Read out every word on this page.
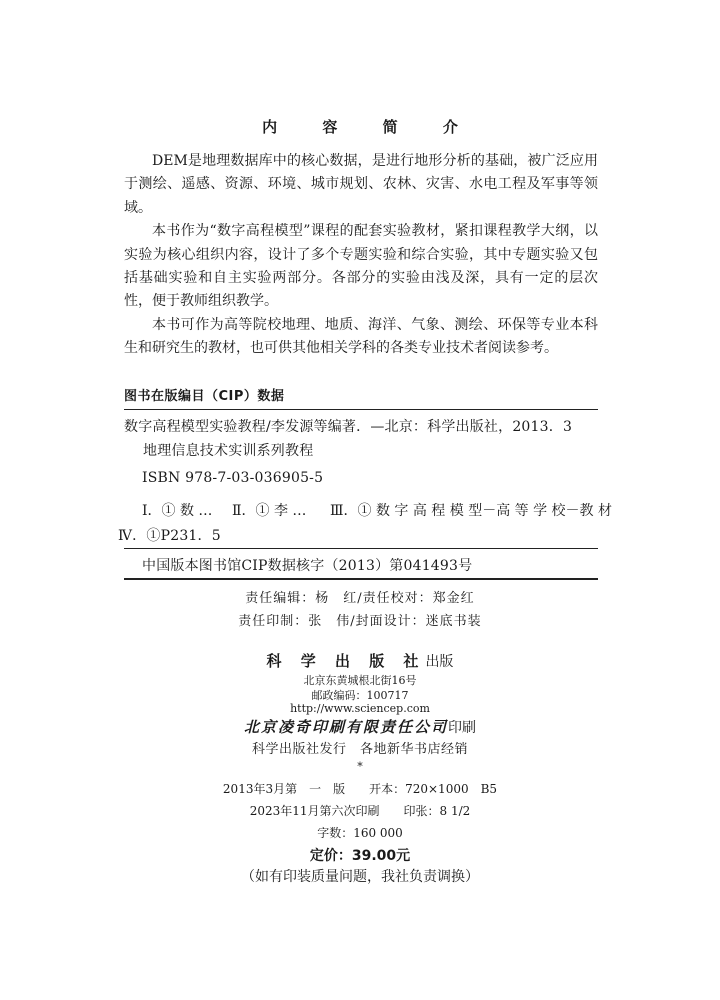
内 容 简 介

DEM是地理数据库中的核心数据，是进行地形分析的基础，被广泛应用于测绘、遥感、资源、环境、城市规划、农林、灾害、水电工程及军事等领域。

本书作为“数字高程模型”课程的配套实验教材，紧扣课程教学大纲，以实验为核心组织内容，设计了多个专题实验和综合实验，其中专题实验又包括基础实验和自主实验两部分。各部分的实验由浅及深，具有一定的层次性，便于教师组织教学。

本书可作为高等院校地理、地质、海洋、气象、测绘、环保等专业本科生和研究生的教材，也可供其他相关学科的各类专业技术者阅读参考。

图书在版编目（CIP）数据
数字高程模型实验教程/李发源等编著．—北京：科学出版社，2013．3
地理信息技术实训系列教程
ISBN 978-7-03-036905-5
Ⅰ．① 数 … Ⅱ．① 李 … Ⅲ．① 数 字 高 程 模 型－高 等 学 校－教 材
Ⅳ．①P231．5
中国版本图书馆CIP数据核字（2013）第041493号
责任编辑：杨　红/责任校对：郑金红
责任印制：张　伟/封面设计：迷底书装
科 学 出 版 社出版
北京东黄城根北街16号
邮政编码：100717
http://www.sciencep.com
北京凌奇印刷有限责任公司印刷
科学出版社发行　各地新华书店经销
*
2013年3月第　一　版　　开本：720×1000　B5
2023年11月第六次印刷　　印张：8 1/2
字数：160 000
定价：39.00元
（如有印装质量问题，我社负责调换）
